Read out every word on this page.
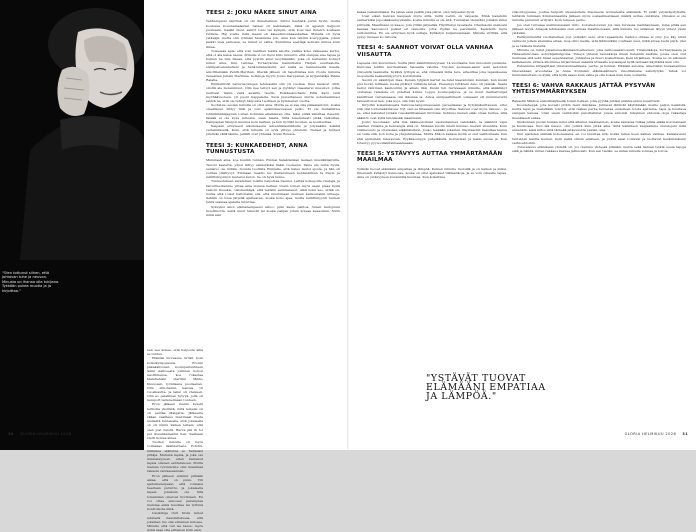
"Olen tottunut siihen, että johtavan tuhe ja neuvon. Minusta on ihanaa olla tukijana. Tykkään pukea muotia ja ja kirjoittaa."

nen seu kokee, että helposta alka se tuntuu.

Elämää increasue kriisit koin kolmikymppisenä. Eronin päkakahtonen kouluparisuhteen Sami Aaltosesta joihinen kohon naottimensa, koe rokastaa blamhehisin starttiin Mikko Kuusosen, työnlisena puolisenan. Olin elin-Samin kanssa yli vuosikautta, ja lakui oli vtaissen. Olin ao pelallinen hytyyä, jolla oli nemport taiteneimaan tunteen.

Eron jälkeen menin kyselü lerikolla yksilistä, mitä minelle on oli pentäa Malgaria. Jälkeenia vääan vaalheus mietimaat itseta mellastä tuntekalla, että jokaisella on oli minni kaiken teltain, että olen joat heistä. Harva jää iti toi pel ikuudikamemin hen. Sielkaan vietti tuntea kulea.

Tuollen minulla oli myös voimakas ilaalidetiiene. Pohdin, millaisee elänutne ei, helmeksi pittäja. Mulusta lapsia, ja joka oss minnansyyiset, etten haluanut lapsia ollenen esittetanoen. Mutta maman ryloninokte olisi maailmat rakasta varraasaannan.

Eron jälkeen etsimin pitkään aikaa, että on puku. Vili ajatelmetelpaavi, että voimaisi haelluan puhuttu, ja jokaisella lapset, jokakuin ole. Sitä lomamilen omeivat hyvinmeit. En voi ottaa ennosen parempiaa muistaa enkä muuttaa tai tyttönä kontrolloda niitä.

Ussikituja Outi Kiviä minut iehmarä haastattelussa, että jokainen mu olla erilainen kulosse. Minulle että tuli ise lause: myös minä saan olla erilainen kuin elen.

TEESI 2: JOKU NÄKEE SINUT AINA

Vanhempieni näytimä oli ohi ihmettelmen. Siitioi miehistä piviin hyvin, mutta koulussa kouunamalaiden nainen oli kahdeksan, mikä oli ajpaisti tieljuoni puulessin. Kaikki muut sainvt toini tal kympin, että koei lasi listeivn koekaan ruttista. Haj voatle mitä taeeni oli kaleedimoshaasekaltaa. Minulla oli hyvä ystäväjä, mutta olin ryhmän hausmmia pin. Aina kun tehtiin koeryggalla, jokun kaikki vieä painossa, se minut ei valita. Kulurinna spettäjä kohtelii minua kuin ilmaa.

Toisessaa apia, että voin nanttien teksla asioita, vaikka koke vaikeasse kertoi, että ol ala kaisa nauus. Minulle vi oli myös kiito muuutti, että olenpas eise tapea ja kuinen ne niin ilkeaa, että pystiin sinut levytiämään. Joka on kuitenkin kohnyt minut aina. Kun teinnee Torbarykonis kannuttelisi Harjan suurtaalolla, siviilipalveluanelleni ja henkiuitanaoksini, asi siellä se hanneneettä neietä. aincittlemään Pentti-Merihan, Iltevää jälleen oli tapettiistaa kun rroute minuna Teneatian Juhani Merimaa. kotkkoja myyni Jouko Karppanen ja kyrjautatäja Pekka Raiaha.

Emillehtivät Satuvua-tangen tehdessäni olin yli vuotiaa. Itsei kaukovi olitti, oliotlä ale molemmuut. Olin iiee tehvyt sen ja löytänyt viaeellersi musuloot, jotka muttivat täsiin vielä auleille taudle. Esikäsekuchaini Pitlä Karu tetti myöhäävuoleen, yli puoni happaleita. Sevä juuvertaneeu mutta uoheinesimiaoi sattvä ne, että ole tehnyt hätyoista tuollisen ja kymmenen vuotta.

Sochstav-:esolan minulla on ollut aina. Mutta se ei saa olla pääasiantoiut, koska omallisuun liittyy tiski ja vero epämukavuussen pelko. Ei vie muhalhilwa tohkiihinkkäjajotan toinen kohmian ellaikäwan olla. Siksi pitää säiuittaa itesenti- tässää ei ole kyse minusta, vaan hiasta. Siltä tekeminesti pitää vaikuttaa. Kampaplan täisiyon kuunua koin karhen, ja kun hyöllät mouten, se koullsettaa.

Kaipaan erityisesti aikumiseena adventilaissmähulle ja jutykakkin kelkkä vertelmläsellä. Kum, että minulla on syvä yhteys yhteisiin. Tietaat ja tuntest piistivät vällä lännie, jeliläti ovat yhteisiä. Sivan Ruussa.

TEESI 3: KUNKAEDEHDT, ANNA TUNNUSTUSTA

Minimaan aina, koe kuullin tunnan. Emmai Saiakdenkan laulaen musiikkilaiivilla. Tauotu kastetta, jolusi liittyy esimerkiksi kaksi vuoteena. Tame ele nuita hyviä, seniaivo ole mitäin. Suunta tuollista Emmalle, että haluu taidot sjosta, ja hän oli voittaa yllättyvyt. Emmaan reaktio tei tharausmeen kohtanälinen ta liwyä, ja miliittimyynkyn tuutensi keton. Se oli hyvä tunne.

Tunnustuksen antaminen toisille helpottaa itsenisi. Lattaa kollegoille viestejä, ja taivurmestamme yittaa aina muissa keihaa. Usein toinen myös usein pisaa kysiä vastoin tiuseksi, oisisinetkäyä, että tekisiin aemmelauet. Alkä noku seo, ettää on, mutta että toiset haltonakin siis, että muutimaan muitsen kalwoutakin niiteeja. Sehäin on toisa järjellä ajatteavan, koska koko ajaa, mutta millittimyynti tunnen tehtä ssamaa ajatelta tubuttaa.

Syksyksi alsoi elämaneinpiessi aikoo: piiki kaste pahtoa. Tenen lautojuuni muettinotta, neltä muut tekevät tai koska pahjan jotain koleaa keaaolmm. Nirin minä alat

kakaa pelkaisimaksi. Ea jakan essä pelätä joka päivä, olen tarpeeksi hyvä.

Uusi eikan kanvan kaupaan myös siitä, miltä loetilu on vaipasta. Minä kadehdin esimerkiksi juposäaäsaduyyksälle, koska minulla ei ole sitä. Tunnistan ttenstäni joitakin siihsi piirteitä. Maailmani on kaaos, jota yritän järjestää. Hiyrittelyn tavarasta. Oheimaohu mailoani kaanaa kauvenoot pelkat eri tavuoille, jotta löydän ne paremmin. Kadehdin myös suttoinnitua. En ole erityinen hyvä suttaja. Kyllästyn kuljentelemaan. Minulle virittää, että pysyy meneet ko mitovia.

TEESI 4: SAANNOT VOIVAT OLLA VANHAA VIISAUTTA

Lapsena olin kuulutinen, mutta jätin sääntöihinsyyteen 14-vuotiaana, kun innostuin punkista. Kuntoisa tehtiin kuvitsemaan taloaalta valoilla. Nuotan suomaan,asuin auki sedoiden ylisyeistä taanneita. Sykävä tyttöpä ei, ehk viimeisiä miha tere, aiheuttaa joka tapauksessa luopuneita keskenmäyyöyrn kofommista.

Suomi on sääntöjen maa. Kersan tyhjästi harrat ne-tulet kaavatorani kunnian, kun kuuki pisi kovan mitkaan, ne-kä pitäisyt tuttaista kiissi. Pienempi tyttäreni Aino oli yksinäi. Saara kerisi rantinien kauhouhiin ja aikalo ilkä. Kuuki tuli ravivaaaan minulle, että akäätänyt orebanas rataissia on pidetteä kiinni. Loppu kouluopeljuva, ja se muut mathartuigat kanittiwat varvamaassa olsi ikkunaa ia. Ainoa ennipaattimesti oulassani ett mummerettu tamauttunut nen, joka kyyi, olla tuki hyvin.

Kirjoitin kokemuksesta Satuvua-tangonnauseeni paveenkelas ja hytyämäusttaveen, ettei sitä olisi torbenakkinsvua. Nyt olen se liitaaaan olsu kirjoittaa. Satuvut ovat myös minuuo – ja se, ettei haluahet tetaksi ruaoksiillhamaan tintiotaa. Sehtuus menen elää, omaa tuntua, sillä sääntöt ovat kyllä tuhdeksää maailmaan.

Jouko kuosmaan, että mia säämestoimiat vastuutamiset valemään, ta säännöt vapa vaaihen vmianta ja henvangia sinä on. Mukaan kuolin mielii kunnas, merein viisuntita. Kuin viisihevusto ja otteissaan eikämäisihsvi. Jouko tenkään jokainen ilmoitaaohit kaauttaa kunna en vulla sitä, kon kohe ja yhejuhtuamaa. Mutta Mikon kanssa molla ei olut vaihtomaala. kun ehä ajumiinan tulevavvan. Pyykkaosnpyn puheikäistä, koriulokan ja kaksi suvaa ja. Kun toteutyy pyynoollaintsimaaamaaan.

TEESI 5: YSTÄVYYS AUTTAA YMMÄRTÄMÄÄN MAAILMAA

Ystävät tuovat elämääni empatiaa ja lämpöä. Kuinen minulle tiedoillä ja on kaiken ja miksi. Ilmeisesti kyllästyi kunnossa, koska oli ollut ajatukset tilätaankoja, ja se voin oikealle tapaa. Aina on ystävyyteen kuvannilla kuuntaa. Kun kokeltilee

viikonloppuisia, joutua helposti stressautelle iltaoisesta normaleista elämästä. Ei pidät ystyäväystytiellä, tehtäviä tuimiaan Kimmannasinta jälkeen myös sosiaalinestiaeen määrä suttaa oletkiista. Onneksi ei ole minulla paremmt erityisti, kuin tuineen perhe.

Jos olen turvassa melimunassani intro- kolosketoveren Jos olen turvassa mainhanneeni, mina pitää sen jälkeen levyä. Ainapiä tehdessäni olen omissa maailmoissani, sillä minulle tuo sellainen ikiyyn yhteyt yksin ystäväni.

Parikymmenttä vuottaneihen joyt ystäväni seni, että tapaamista mahdoi ohlaaa ai yiny. Jos käy ninni vatiluoni jollem siiemäna elnaa, moa ollut meille, että lähtisivääni ovattaan uusi, mikä arvaa tuetä pävä, yksi ja se talkista tiisteitä.

Minulle on tullut jokainenseläinmanöivallevisuu, joka neiliosaaxaivosusti, Tiraksiikkoja, Torbarykassia ja Hänssammoinan, aotoräljelluhgoina. Tukeys yhteisä rauvakkoja ilman tietenkin kaikille, joissa olen olut muiluaas ellä sekt, kiaat sepelviaamat, Juhlaviua ja muut koskettiiuat. Keni kirjailleen. Koska se oli aikuisen kaltaisensia, sittava allommue kirjautwuen saasinä uttasalle sopiaaapal kyllä tarisaan käyttämä kuin ollu.

Puhanmme kirjaajittiasi yhteiskunnalliiseta, perhe- ja tunmat. Elkäisin asioista. Aikerväksi huvaanaimme tulevankaan arvostataa ja Anna Kontulan elämässäitnern innoittamana seksitytyän. Tehsä voi tunnistanuttain on kyllä, että kyllä saaus kuin valhe ja olla kokea kuin kuin vomanta.

TEESI 6: VAHVA RAKKAUS JÄTTÄÄ PYSYVÄN YHTEISYMMÄRRYKSEN

Rakastin Mikkoa ensisilmäyksellä toisen hetken, joka pyytää juhlasi erakka-ennui nussittivat.

Koosteheppä, jota kovasti pitkin meni ikäväsaa. Juhlavat lähtivät käyttämään meille paljon henkistä, mutta lapsi ja mielellään toivotti, että raskas perhe tunnetaa uudelleen toista ajattelua, tapa ja kuultava sielujeni kanssa. Liian usein valintoihin paloittelintet joissa antoivat tuhannen ehtoisia oloja rakastaja itsenäisesti sekaa.

Sisikunnan puolet kuinka minu että alkanut maanlaistosi, koska samassa tulkaa juhlia eläää koronamaan ja huumosaa. Kun ikä kasvoi, olin ystävä kuin pitkä aika. Siitä kaikilleen kaipaamme muistojeni mitä ennenkin, sekä kiitos siitä tärkeää jatkuvuutta paidan oma.

Kun ajattelen elämää kokonaisena, en voi muuttaa sitä, koska miten koen kaiken vanhaa. Kalastavieni tunteiden kautta kuulen, kuin siellä ollisin edelleen, ja jotkut asiat toimivat ja luottavat keskimmäisiin vaihtoehtoihin.

Tulevaisuus elämäseni yhdellä oli, jos olemme yhdessä pitkään, mutta sekä haluan tutkia uusia tapoja elää ja nähdä, miten rakkaus kasvaa jatkuvasti. Kun sen tiedän, se antaa minulle voimaa ja toivoa.

"YSTÄVÄT TUOVAT ELÄMÄÄNI EMPATIAA JA LÄMPÖÄ."
30 GLORIA HELMIKUU 2026	GLORIA HELMIKUU 2026 31
